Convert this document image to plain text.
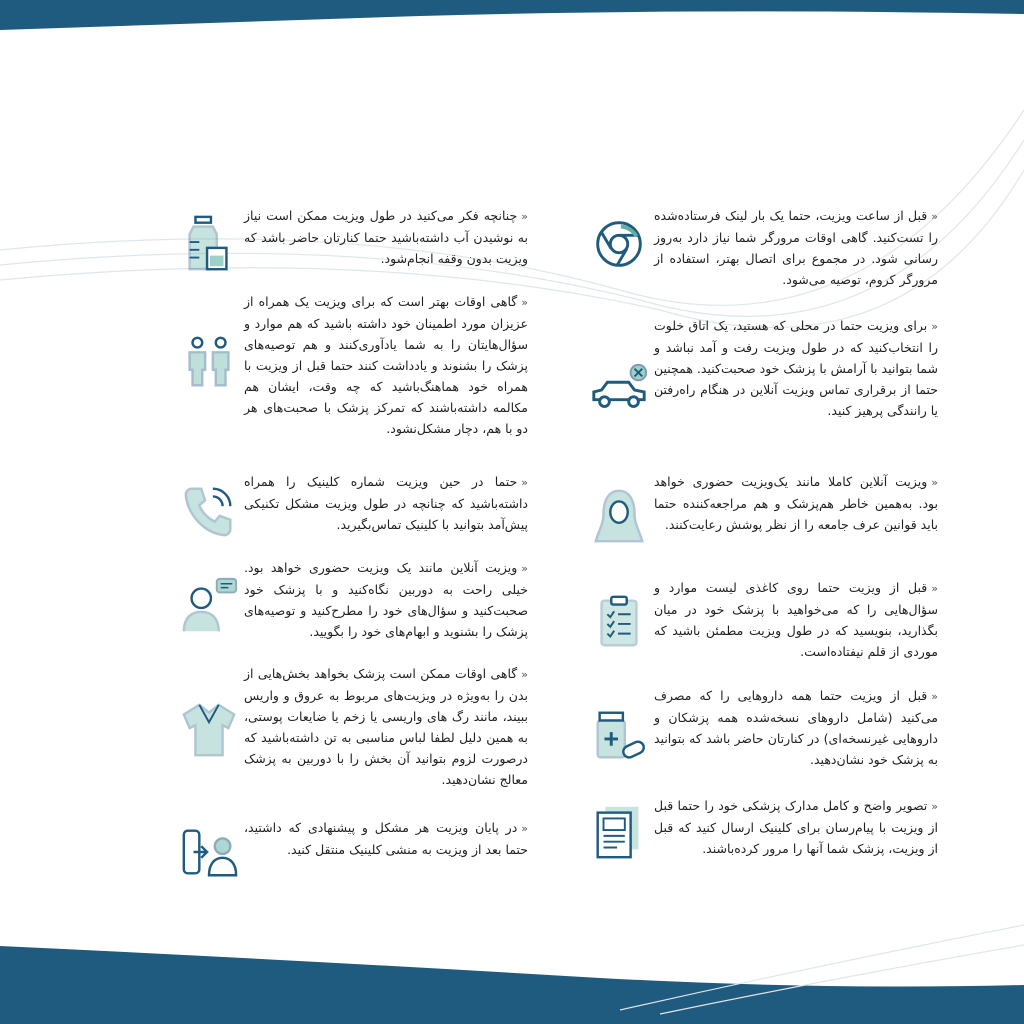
«قبل از ساعت ویزیت، حتما یک بار لینک فرستاده‌شده را تست‌کنید. گاهی اوقات مرورگر شما نیاز دارد به‌روز رسانی شود. در مجموع برای اتصال بهتر، استفاده از مرورگر کروم، توصیه می‌شود.
«برای ویزیت حتما در محلی که هستید، یک اتاق خلوت را انتخاب‌کنید که در طول ویزیت رفت و آمد نباشد و شما بتوانید با آرامش با پزشک خود صحبت‌کنید. همچنین حتما از برقراری تماس ویزیت آنلاین در هنگام راه‌رفتن یا رانندگی پرهیز کنید.
«ویزیت آنلاین کاملا مانند یک‌ویزیت حضوری خواهد بود. به‌همین خاطر هم‌پزشک و هم مراجعه‌کننده حتما باید قوانین عرف جامعه را از نظر پوشش رعایت‌کنند.
«قبل از ویزیت حتما روی کاغذی لیست موارد و سؤال‌هایی را که می‌خواهید با پزشک خود در میان بگذارید، بنویسید که در طول ویزیت مطمئن باشید که موردی از قلم نیفتاده‌است.
«قبل از ویزیت حتما همه داروهایی را که مصرف می‌کنید (شامل داروهای نسخه‌شده همه پزشکان و داروهایی غیرنسخه‌ای) در کنارتان حاضر باشد که بتوانید به پزشک خود نشان‌دهید.
«تصویر واضح و کامل مدارک پزشکی خود را حتما قبل از ویزیت با پیام‌رسان برای کلینیک ارسال کنید که قبل از ویزیت، پزشک شما آنها را مرور کرده‌باشند.
«چنانچه فکر می‌کنید در طول ویزیت ممکن است نیاز به نوشیدن آب داشته‌باشید حتما کنارتان حاضر باشد که ویزیت بدون وقفه انجام‌شود.
«گاهی اوقات بهتر است که برای ویزیت یک همراه از عزیزان مورد اطمینان خود داشته باشید که هم موارد و سؤال‌هایتان را به شما یادآوری‌کنند و هم توصیه‌های پزشک را بشنوند و یادداشت کنند حتما قبل از ویزیت با همراه خود هماهنگ‌باشید که چه وقت، ایشان هم مکالمه داشته‌باشند که تمرکز پزشک با صحبت‌های هر دو با هم، دچار مشکل‌نشود.
«حتما در حین ویزیت شماره کلینیک را همراه داشته‌باشید که چنانچه در طول ویزیت مشکل تکنیکی پیش‌آمد بتوانید با کلینیک تماس‌بگیرید.
«ویزیت آنلاین مانند یک ویزیت حضوری خواهد بود. خیلی راحت به دوربین نگاه‌کنید و با پزشک خود صحبت‌کنید و سؤال‌های خود را مطرح‌کنید و توصیه‌های پزشک را بشنوید و ابهام‌های خود را بگویید.
«گاهی اوقات ممکن است پزشک بخواهد بخش‌هایی از بدن را به‌ویژه در ویزیت‌های مربوط به عروق و واریس ببیند، مانند رگ های واریسی یا زخم یا ضایعات پوستی، به همین دلیل لطفا لباس مناسبی به تن داشته‌باشید که درصورت لزوم بتوانید آن بخش را با دوربین به پزشک معالج نشان‌دهید.
«در پایان ویزیت هر مشکل و پیشنهادی که داشتید، حتما بعد از ویزیت به منشی کلینیک منتقل کنید.
